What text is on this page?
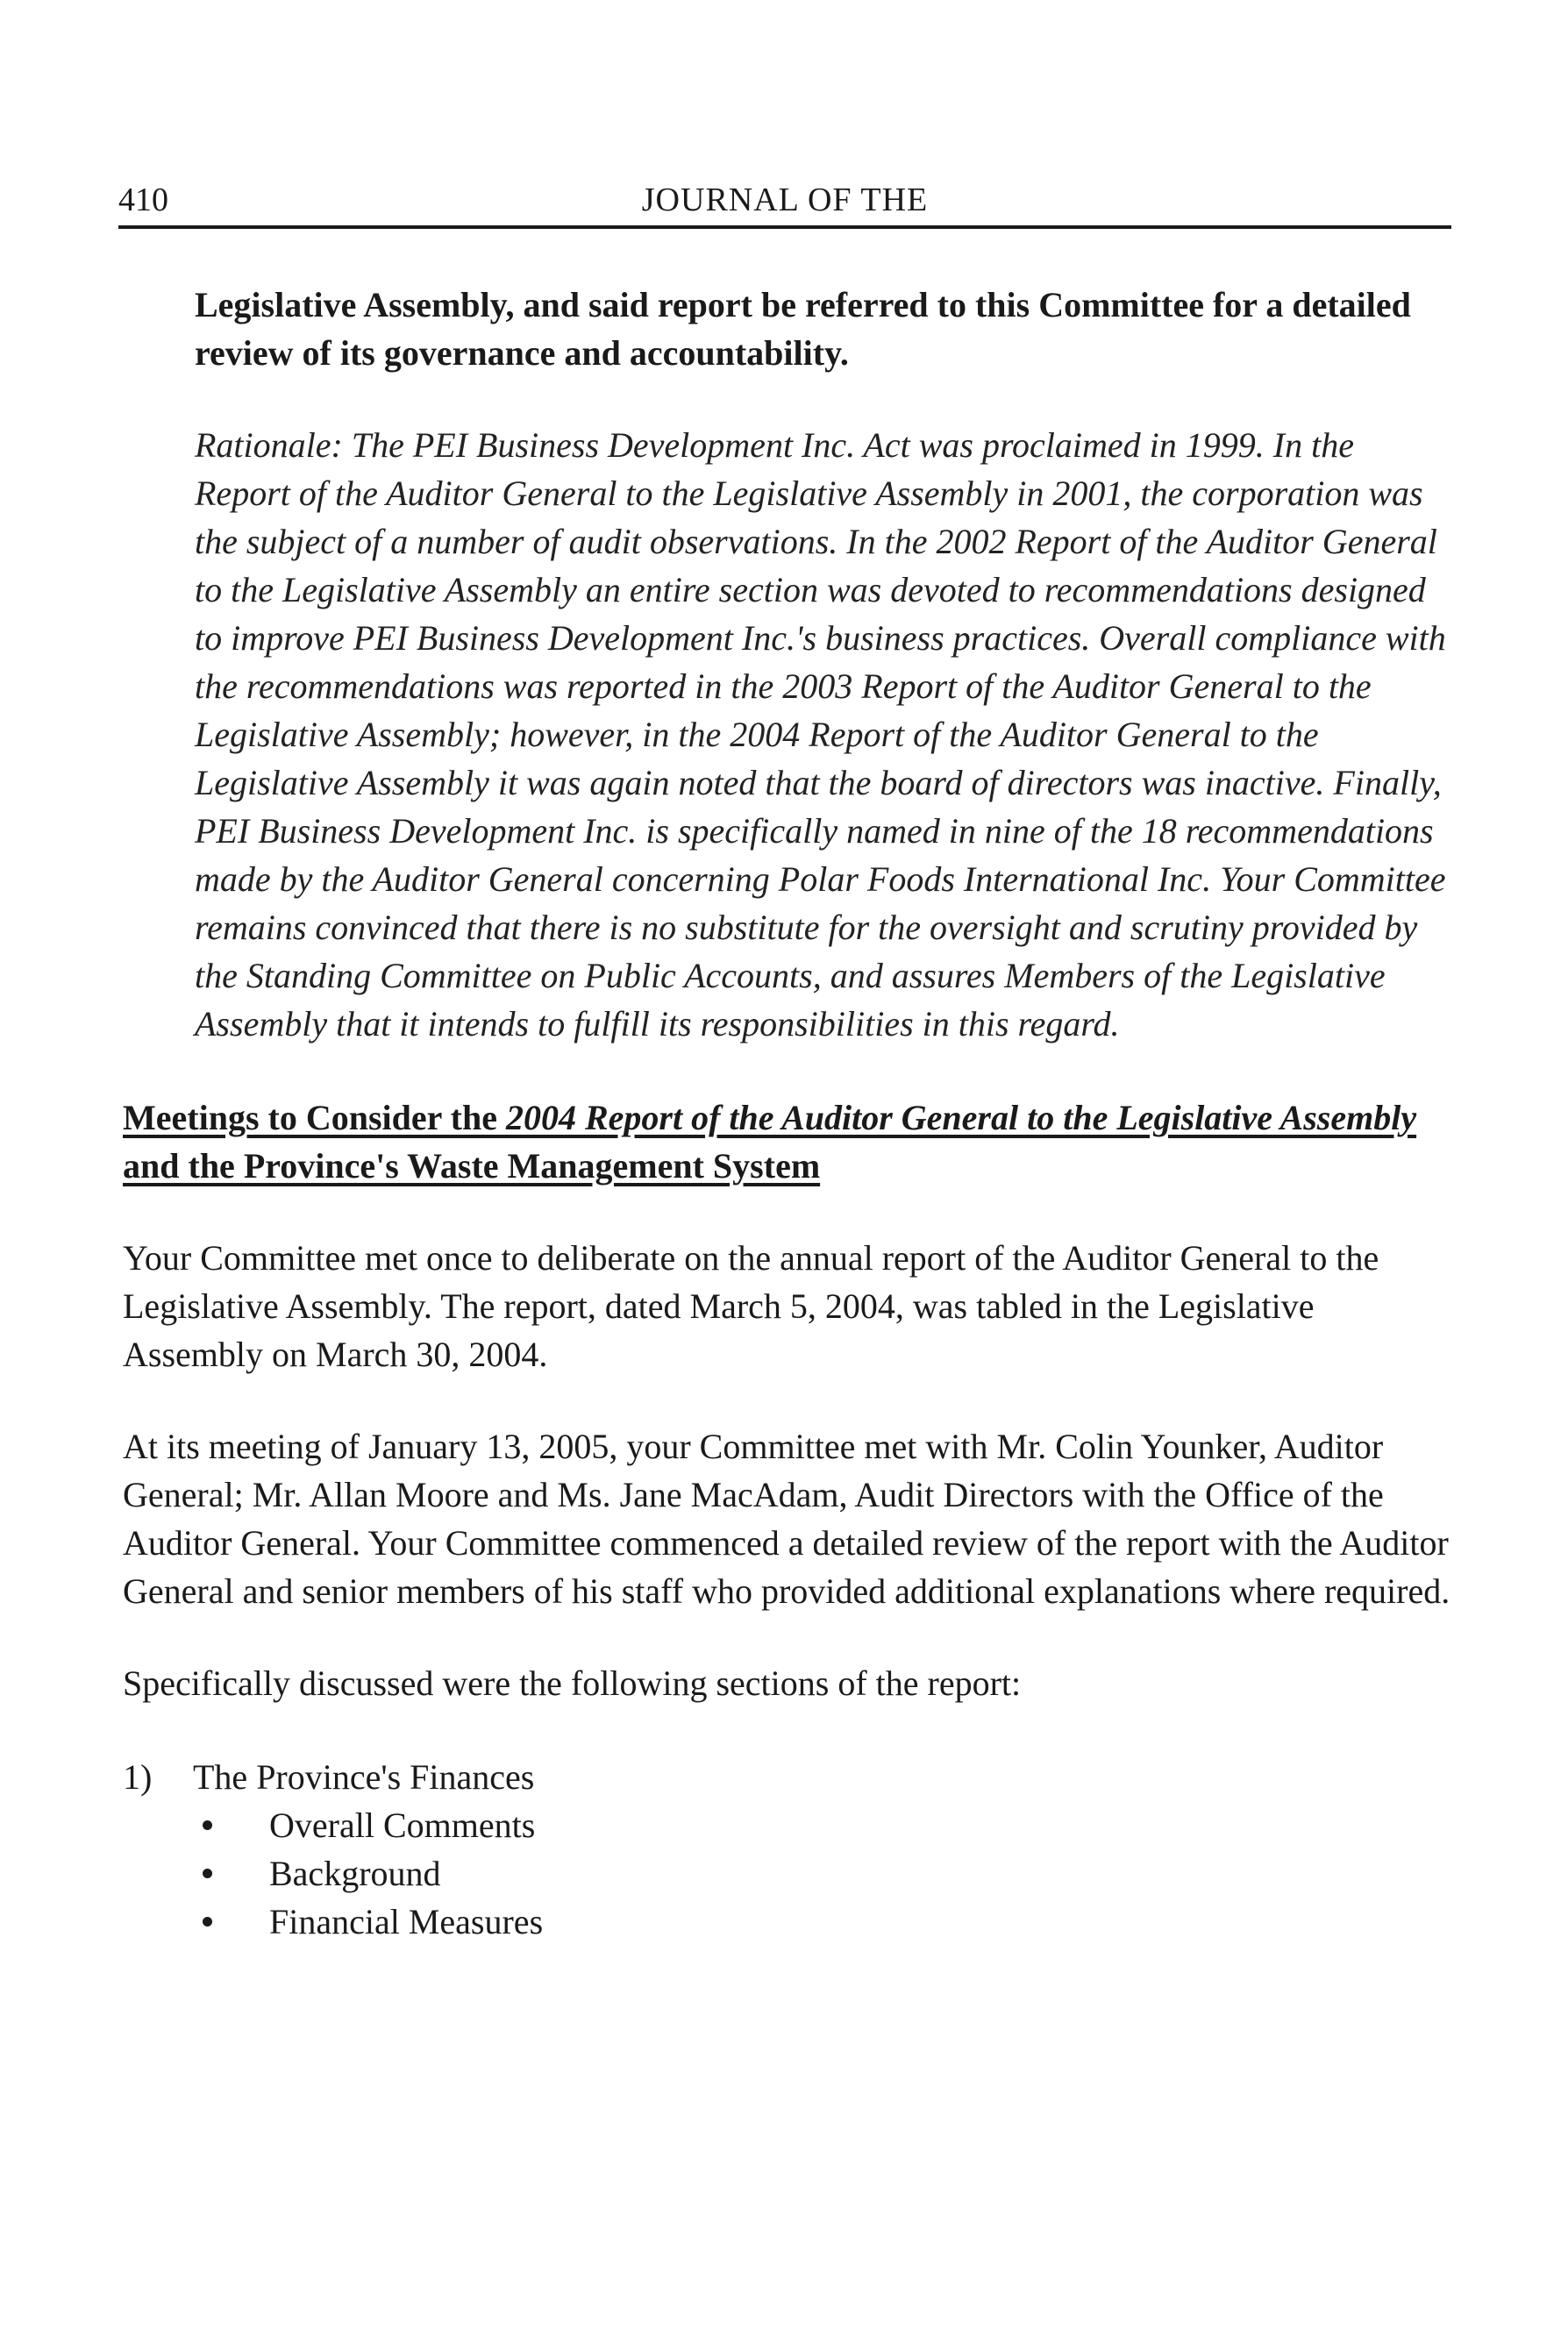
410	JOURNAL OF THE

Legislative Assembly, and said report be referred to this Committee for a detailed review of its governance and accountability.

Rationale: The PEI Business Development Inc. Act was proclaimed in 1999. In the Report of the Auditor General to the Legislative Assembly in 2001, the corporation was the subject of a number of audit observations. In the 2002 Report of the Auditor General to the Legislative Assembly an entire section was devoted to recommendations designed to improve PEI Business Development Inc.'s business practices. Overall compliance with the recommendations was reported in the 2003 Report of the Auditor General to the Legislative Assembly; however, in the 2004 Report of the Auditor General to the Legislative Assembly it was again noted that the board of directors was inactive. Finally, PEI Business Development Inc. is specifically named in nine of the 18 recommendations made by the Auditor General concerning Polar Foods International Inc. Your Committee remains convinced that there is no substitute for the oversight and scrutiny provided by the Standing Committee on Public Accounts, and assures Members of the Legislative Assembly that it intends to fulfill its responsibilities in this regard.

Meetings to Consider the 2004 Report of the Auditor General to the Legislative Assembly and the Province's Waste Management System

Your Committee met once to deliberate on the annual report of the Auditor General to the Legislative Assembly. The report, dated March 5, 2004, was tabled in the Legislative Assembly on March 30, 2004.

At its meeting of January 13, 2005, your Committee met with Mr. Colin Younker, Auditor General; Mr. Allan Moore and Ms. Jane MacAdam, Audit Directors with the Office of the Auditor General. Your Committee commenced a detailed review of the report with the Auditor General and senior members of his staff who provided additional explanations where required.

Specifically discussed were the following sections of the report:

1) The Province's Finances
Overall Comments
Background
Financial Measures
